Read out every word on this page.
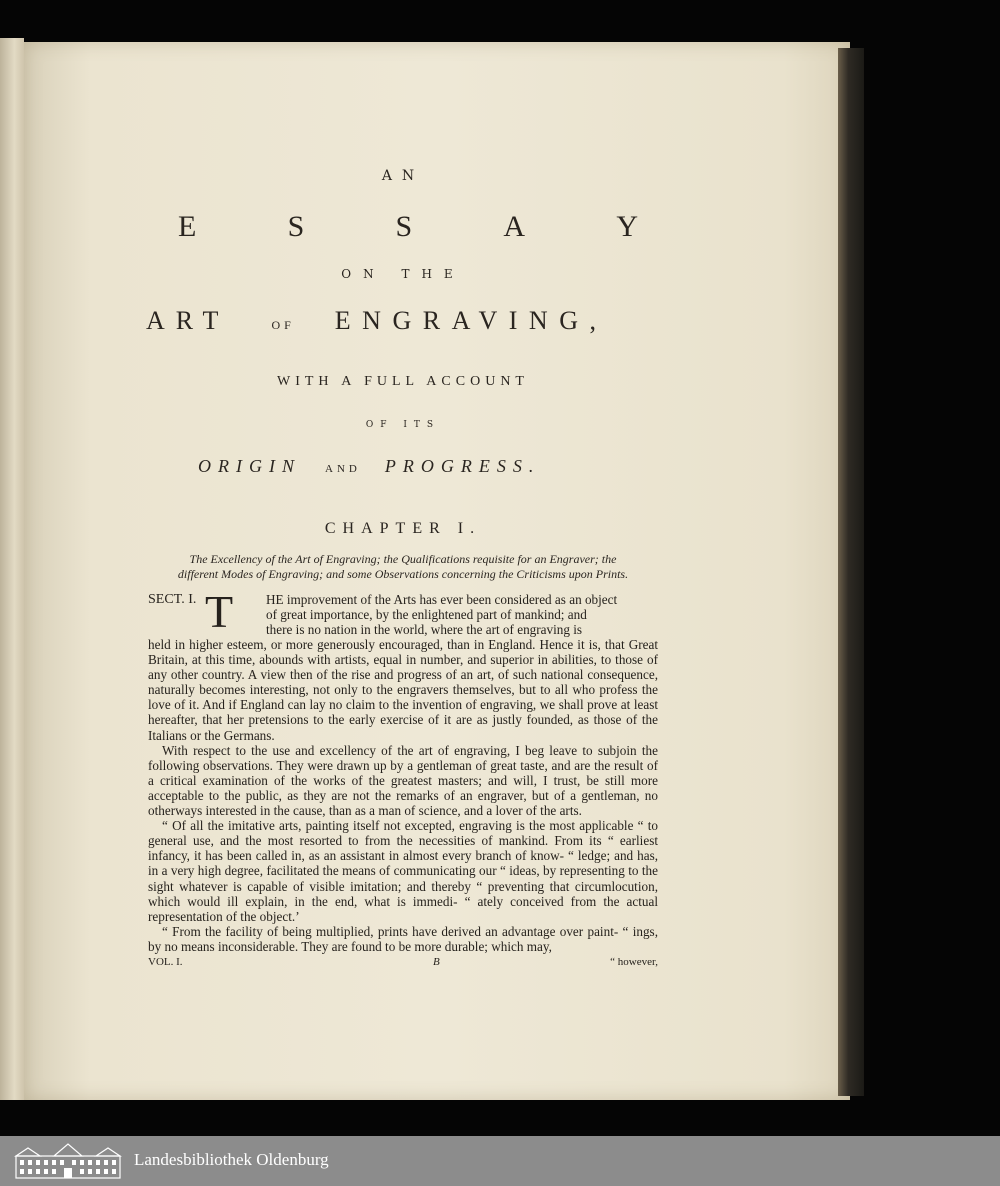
AN
E	S	S	A	Y
ON THE
ART	OF ENGRAVING,
WITH A FULL ACCOUNT
OF ITS
ORIGIN AND PROGRESS.
CHAPTER I.
The Excellency of the Art of Engraving; the Qualifications requisite for an Engraver; the
different Modes of Engraving; and some Observations concerning the Criticisms upon Prints.
SECT. I. T HE improvement of the Arts has ever been considered as an object
of great importance, by the enlightened part of mankind; and
there is no nation in the world, where the art of engraving is

held in higher esteem, or more generously encouraged, than in England. Hence it is, that Great Britain, at this time, abounds with artists, equal in number, and superior in abilities, to those of any other country. A view then of the rise and progress of an art, of such national consequence, naturally becomes interesting, not only to the engravers themselves, but to all who profess the love of it. And if England can lay no claim to the invention of engraving, we shall prove at least hereafter, that her pretensions to the early exercise of it are as justly founded, as those of the Italians or the Germans.

With respect to the use and excellency of the art of engraving, I beg leave to subjoin the following observations. They were drawn up by a gentleman of great taste, and are the result of a critical examination of the works of the greatest masters; and will, I trust, be still more acceptable to the public, as they are not the remarks of an engraver, but of a gentleman, no otherways interested in the cause, than as a man of science, and a lover of the arts.

“ Of all the imitative arts, painting itself not excepted, engraving is the most applicable “ to general use, and the most resorted to from the necessities of mankind. From its “ earliest infancy, it has been called in, as an assistant in almost every branch of know- “ ledge; and has, in a very high degree, facilitated the means of communicating our “ ideas, by representing to the sight whatever is capable of visible imitation; and thereby “ preventing that circumlocution, which would ill explain, in the end, what is immedi- “ ately conceived from the actual representation of the object.’

“ From the facility of being multiplied, prints have derived an advantage over paint- “ ings, by no means inconsiderable. They are found to be more durable; which may,

VOL. I.	B	“ however,
Landesbibliothek Oldenburg
